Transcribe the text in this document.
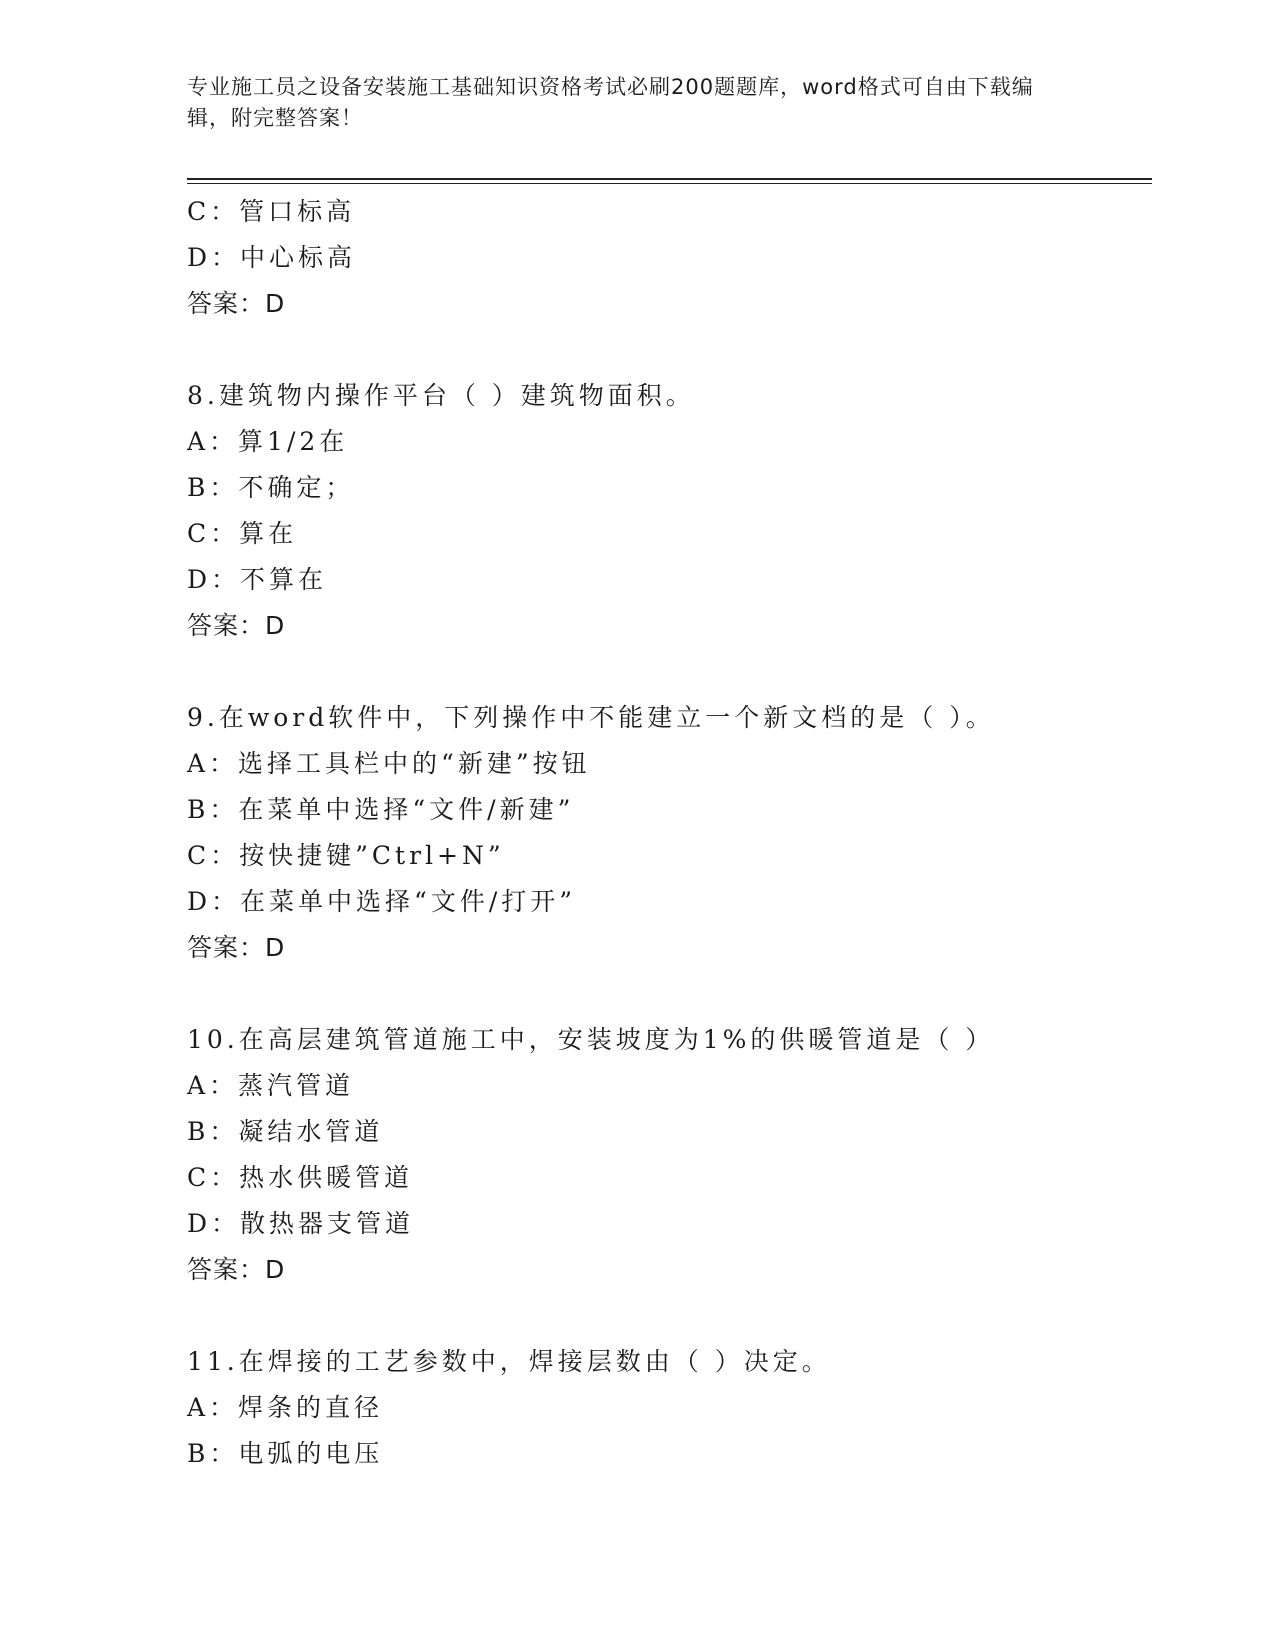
专业施工员之设备安装施工基础知识资格考试必刷200题题库，word格式可自由下载编辑，附完整答案！
C：管口标高
D：中心标高
答案：D
8.建筑物内操作平台（ ）建筑物面积。
A：算1/2在
B：不确定；
C：算在
D：不算在
答案：D
9.在word软件中，下列操作中不能建立一个新文档的是（ ）。
A：选择工具栏中的“新建”按钮
B：在菜单中选择“文件/新建”
C：按快捷键”Ctrl+N”
D：在菜单中选择“文件/打开”
答案：D
10.在高层建筑管道施工中，安装坡度为1%的供暖管道是（ ）
A：蒸汽管道
B：凝结水管道
C：热水供暖管道
D：散热器支管道
答案：D
11.在焊接的工艺参数中，焊接层数由（ ）决定。
A：焊条的直径
B：电弧的电压
